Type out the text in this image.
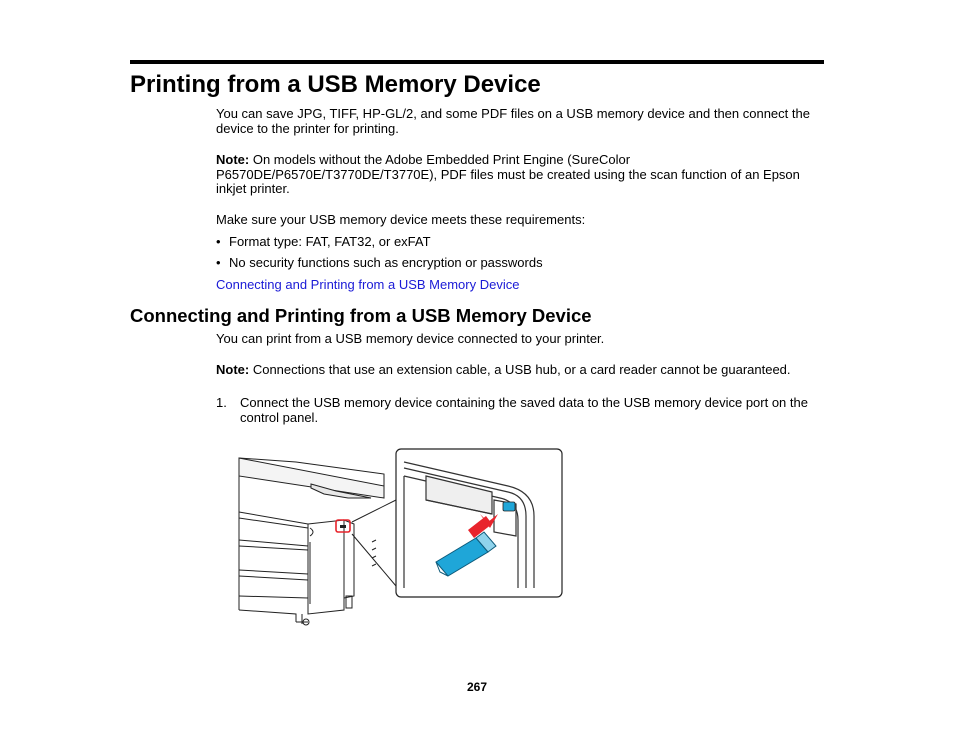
Printing from a USB Memory Device
You can save JPG, TIFF, HP-GL/2, and some PDF files on a USB memory device and then connect the device to the printer for printing.
Note: On models without the Adobe Embedded Print Engine (SureColor P6570DE/P6570E/T3770DE/T3770E), PDF files must be created using the scan function of an Epson inkjet printer.
Make sure your USB memory device meets these requirements:
• Format type: FAT, FAT32, or exFAT
• No security functions such as encryption or passwords
Connecting and Printing from a USB Memory Device
Connecting and Printing from a USB Memory Device
You can print from a USB memory device connected to your printer.
Note: Connections that use an extension cable, a USB hub, or a card reader cannot be guaranteed.
1. Connect the USB memory device containing the saved data to the USB memory device port on the control panel.
267
